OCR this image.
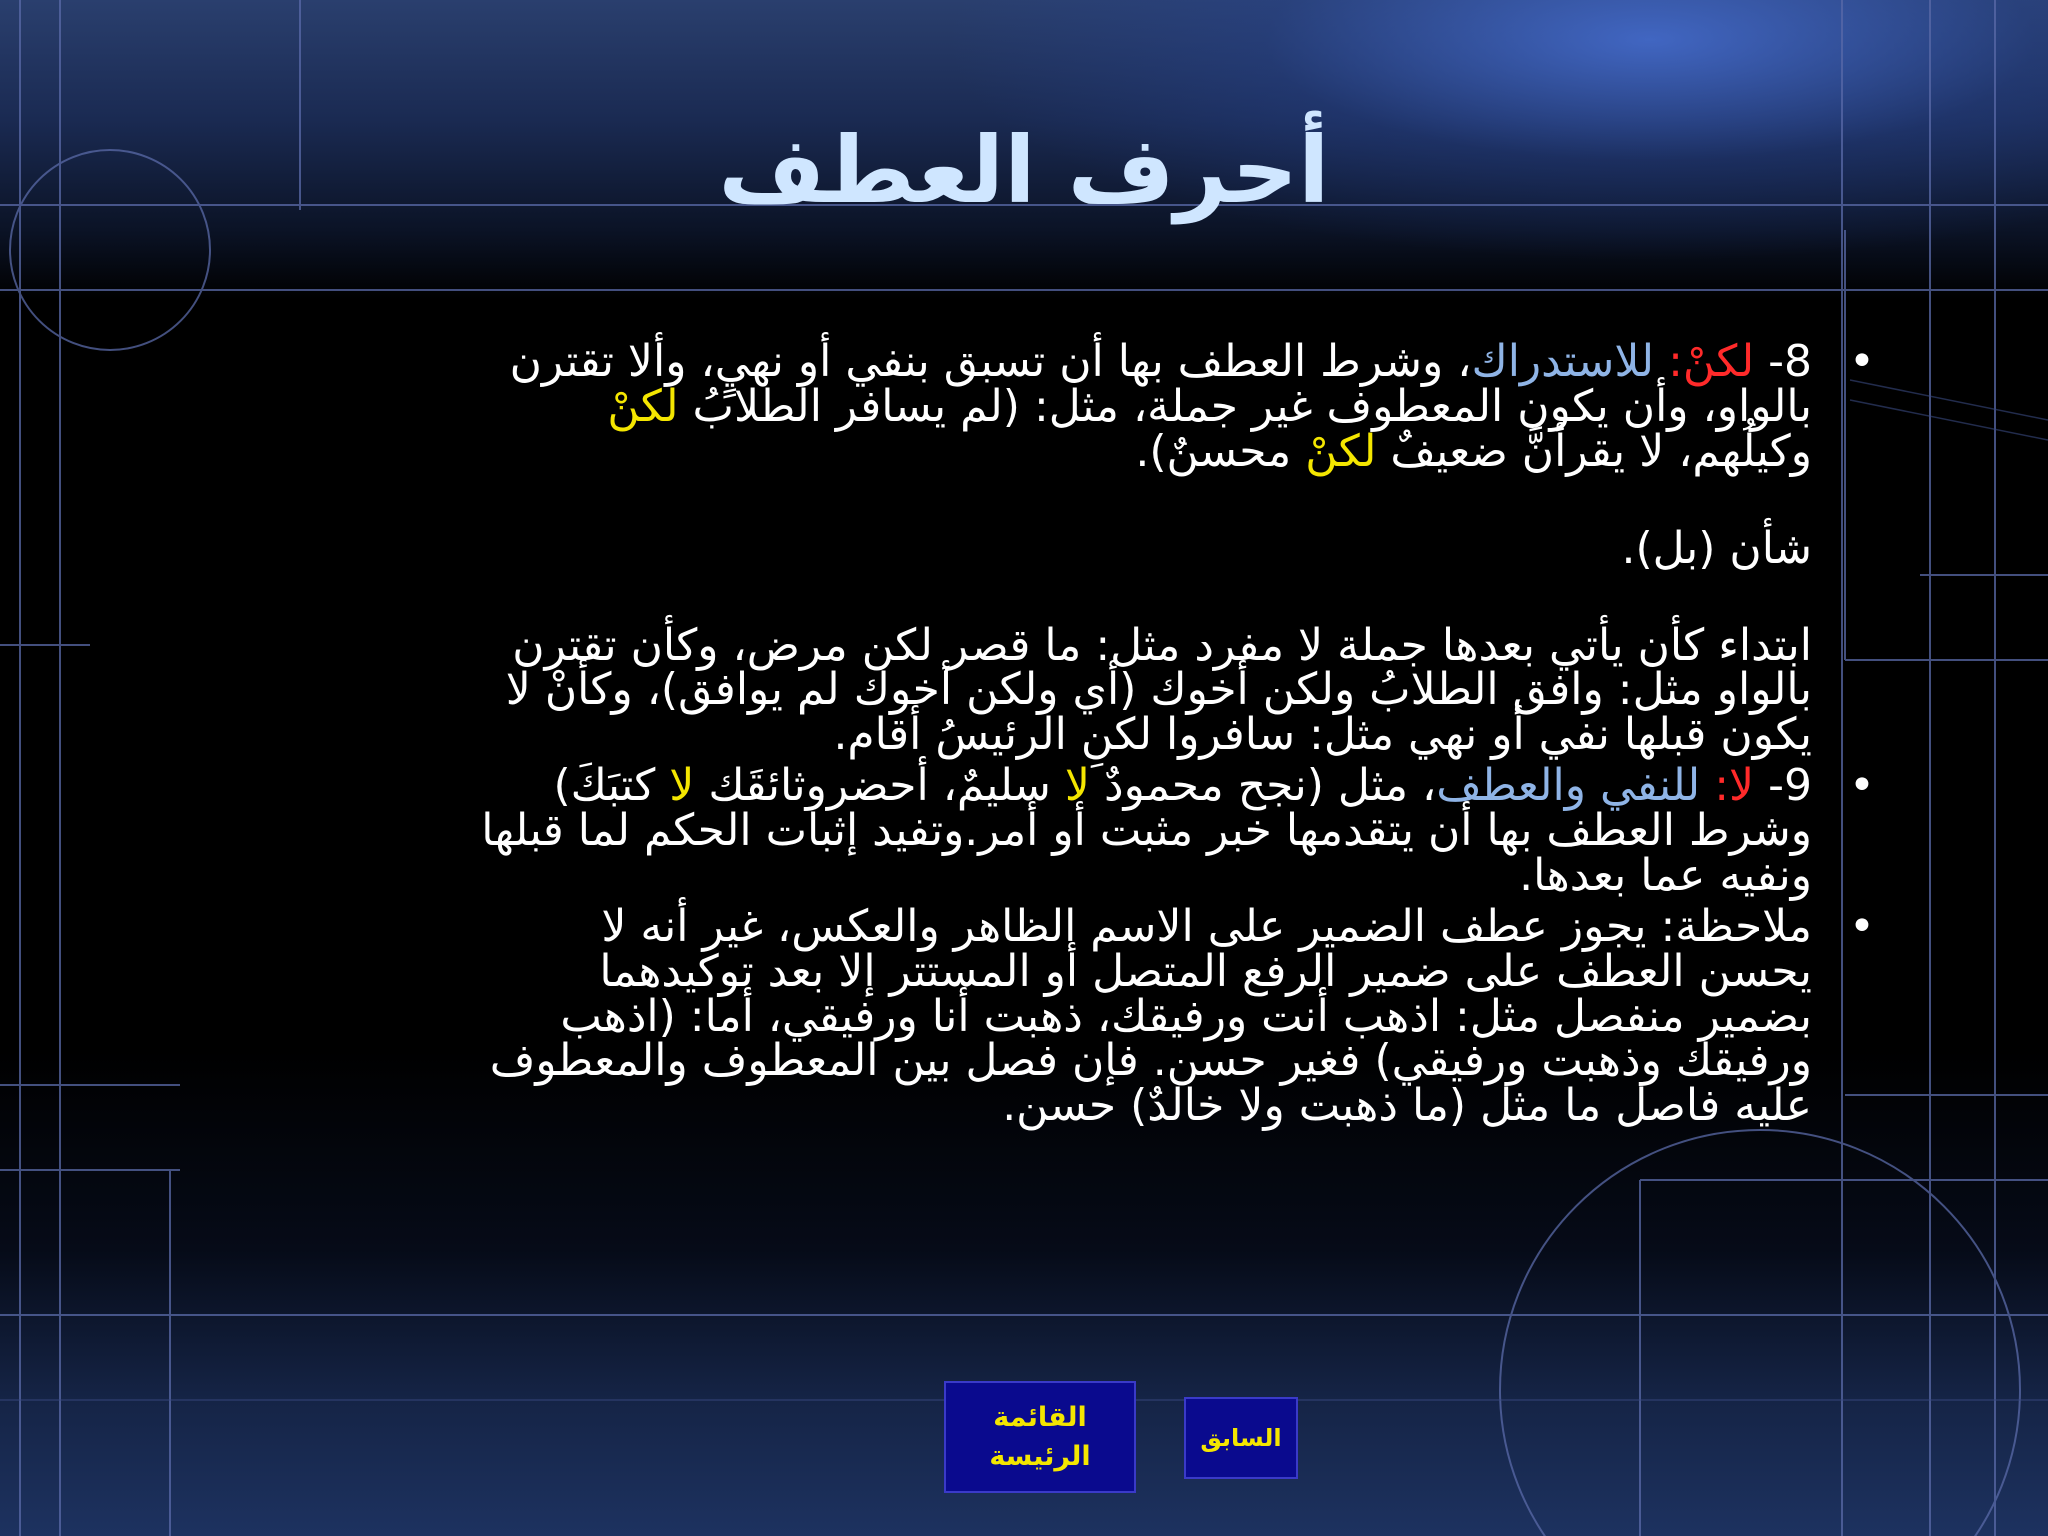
أحرف العطف
•
8- لكنْ: للاستدراك، وشرط العطف بها أن تسبق بنفي أو نهيٍ، وألا تقترن
بالواو، وأن يكون المعطوف غير جملة، مثل: (لم يسافر الطلابُ لكنْ
وكيلُهم، لا يقرأنَّ ضعيفٌ لكنْ محسنٌ).
شأن (بل).
ابتداء كأن يأتي بعدها جملة لا مفرد مثل: ما قصر لكن مرض، وكأن تقترن
بالواو مثل: وافق الطلابُ ولكن أخوك (أي ولكن أخوك لم يوافق)، وكأنْ لا
يكون قبلها نفي أو نهي مثل: سافروا لكنِ الرئيسُ أقام.
•
9- لا: للنفي والعطف، مثل (نجح محمودٌ لا سليمٌ، أحضروثائقَك لا كتبَكَ)
وشرط العطف بها أن يتقدمها خبر مثبت أو أمر.وتفيد إثبات الحكم لما قبلها
ونفيه عما بعدها.
•
ملاحظة: يجوز عطف الضمير على الاسم الظاهر والعكس، غير أنه لا
يحسن العطف على ضمير الرفع المتصل أو المستتر إلا بعد توكيدهما
بضمير منفصل مثل: اذهب أنت ورفيقك، ذهبت أنا ورفيقي، أما: (اذهب
ورفيقك وذهبت ورفيقي) فغير حسن. فإن فصل بين المعطوف والمعطوف
عليه فاصل ما مثل (ما ذهبت ولا خالدٌ) حسن.
القائمة
الرئيسة
السابق
